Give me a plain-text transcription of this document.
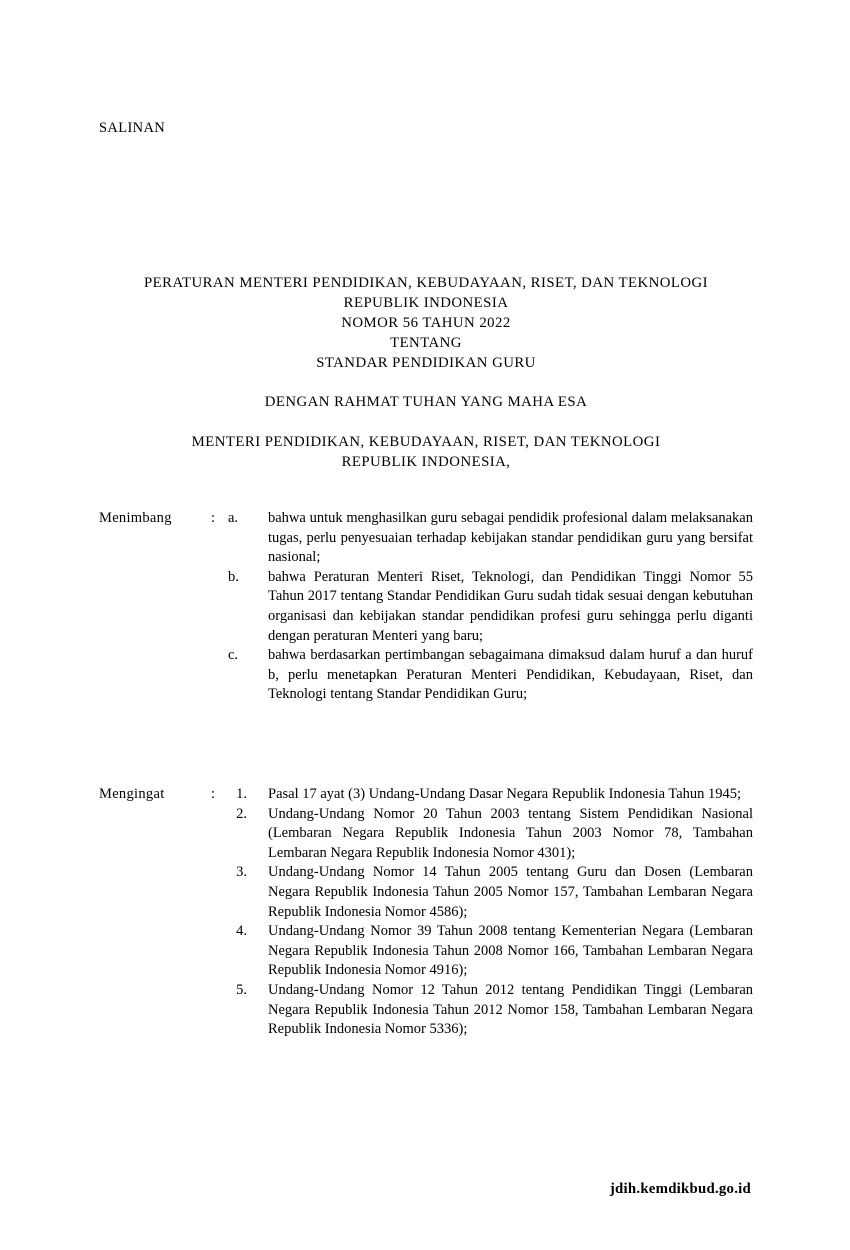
SALINAN
PERATURAN MENTERI PENDIDIKAN, KEBUDAYAAN, RISET, DAN TEKNOLOGI
REPUBLIK INDONESIA
NOMOR 56 TAHUN 2022
TENTANG
STANDAR PENDIDIKAN GURU
DENGAN RAHMAT TUHAN YANG MAHA ESA
MENTERI PENDIDIKAN, KEBUDAYAAN, RISET, DAN TEKNOLOGI
REPUBLIK INDONESIA,
Menimbang	: a.	bahwa untuk menghasilkan guru sebagai pendidik profesional dalam melaksanakan tugas, perlu penyesuaian terhadap kebijakan standar pendidikan guru yang bersifat nasional;
b.	bahwa Peraturan Menteri Riset, Teknologi, dan Pendidikan Tinggi Nomor 55 Tahun 2017 tentang Standar Pendidikan Guru sudah tidak sesuai dengan kebutuhan organisasi dan kebijakan standar pendidikan profesi guru sehingga perlu diganti dengan peraturan Menteri yang baru;
c.	bahwa berdasarkan pertimbangan sebagaimana dimaksud dalam huruf a dan huruf b, perlu menetapkan Peraturan Menteri Pendidikan, Kebudayaan, Riset, dan Teknologi tentang Standar Pendidikan Guru;
Mengingat	:	1.	Pasal 17 ayat (3) Undang-Undang Dasar Negara Republik Indonesia Tahun 1945;
2.	Undang-Undang Nomor 20 Tahun 2003 tentang Sistem Pendidikan Nasional (Lembaran Negara Republik Indonesia Tahun 2003 Nomor 78, Tambahan Lembaran Negara Republik Indonesia Nomor 4301);
3.	Undang-Undang Nomor 14 Tahun 2005 tentang Guru dan Dosen (Lembaran Negara Republik Indonesia Tahun 2005 Nomor 157, Tambahan Lembaran Negara Republik Indonesia Nomor 4586);
4.	Undang-Undang Nomor 39 Tahun 2008 tentang Kementerian Negara (Lembaran Negara Republik Indonesia Tahun 2008 Nomor 166, Tambahan Lembaran Negara Republik Indonesia Nomor 4916);
5.	Undang-Undang Nomor 12 Tahun 2012 tentang Pendidikan Tinggi (Lembaran Negara Republik Indonesia Tahun 2012 Nomor 158, Tambahan Lembaran Negara Republik Indonesia Nomor 5336);
jdih.kemdikbud.go.id
